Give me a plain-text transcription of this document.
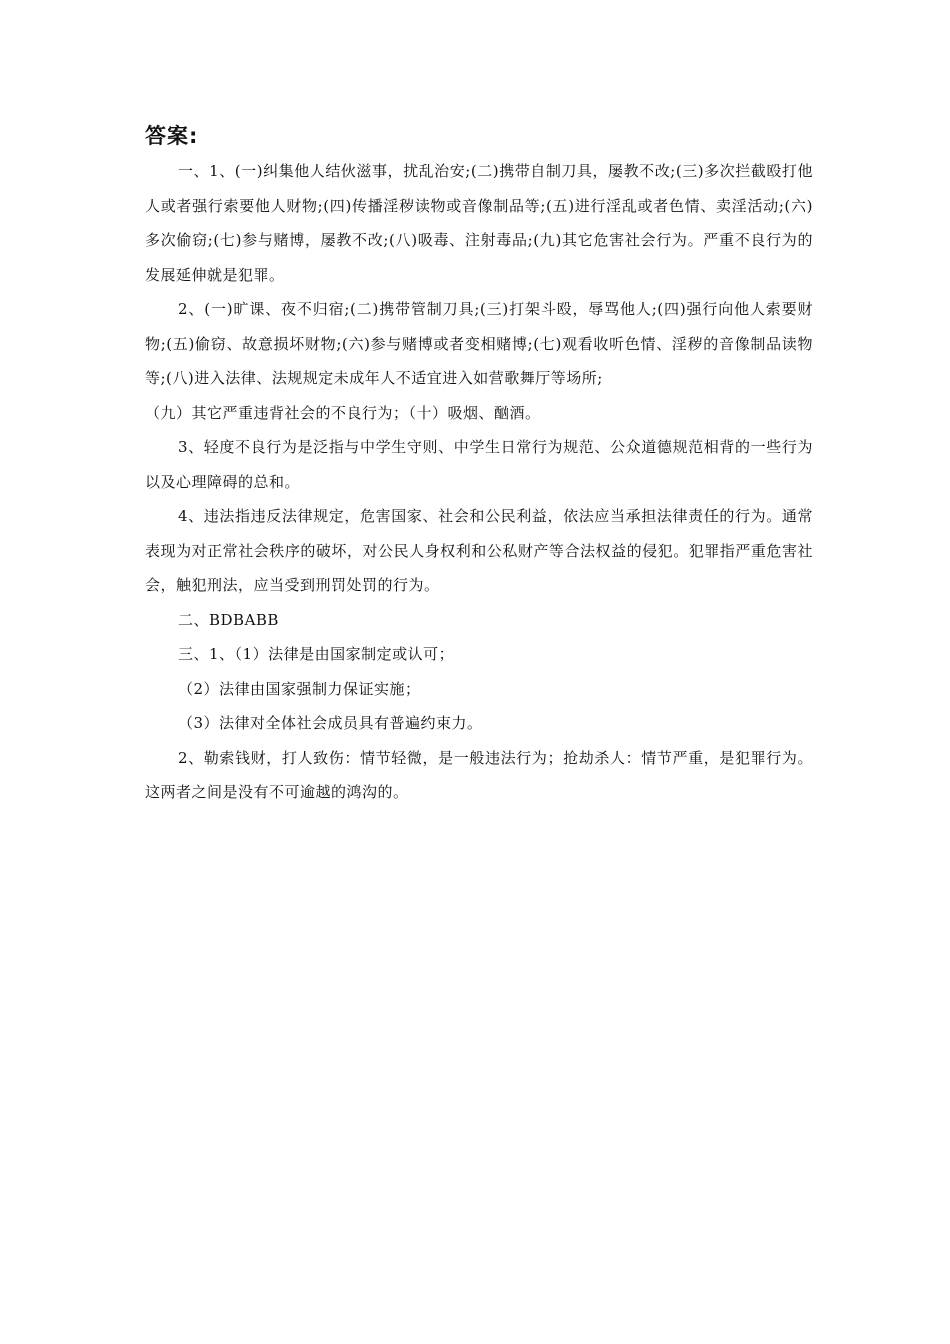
答案:

一、1、(一)纠集他人结伙滋事，扰乱治安;(二)携带自制刀具，屡教不改;(三)多次拦截殴打他人或者强行索要他人财物;(四)传播淫秽读物或音像制品等;(五)进行淫乱或者色情、卖淫活动;(六)多次偷窃;(七)参与赌博，屡教不改;(八)吸毒、注射毒品;(九)其它危害社会行为。严重不良行为的发展延伸就是犯罪。

2、(一)旷课、夜不归宿;(二)携带管制刀具;(三)打架斗殴，辱骂他人;(四)强行向他人索要财物;(五)偷窃、故意损坏财物;(六)参与赌博或者变相赌博;(七)观看收听色情、淫秽的音像制品读物等;(八)进入法律、法规规定未成年人不适宜进入如营歌舞厅等场所;

（九）其它严重违背社会的不良行为；（十）吸烟、酗酒。

3、轻度不良行为是泛指与中学生守则、中学生日常行为规范、公众道德规范相背的一些行为以及心理障碍的总和。

4、违法指违反法律规定，危害国家、社会和公民利益，依法应当承担法律责任的行为。通常表现为对正常社会秩序的破坏，对公民人身权利和公私财产等合法权益的侵犯。犯罪指严重危害社会，触犯刑法，应当受到刑罚处罚的行为。

二、BDBABB

三、1、（1）法律是由国家制定或认可；

（2）法律由国家强制力保证实施；

（3）法律对全体社会成员具有普遍约束力。

2、勒索钱财，打人致伤：情节轻微，是一般违法行为；抢劫杀人：情节严重，是犯罪行为。这两者之间是没有不可逾越的鸿沟的。
